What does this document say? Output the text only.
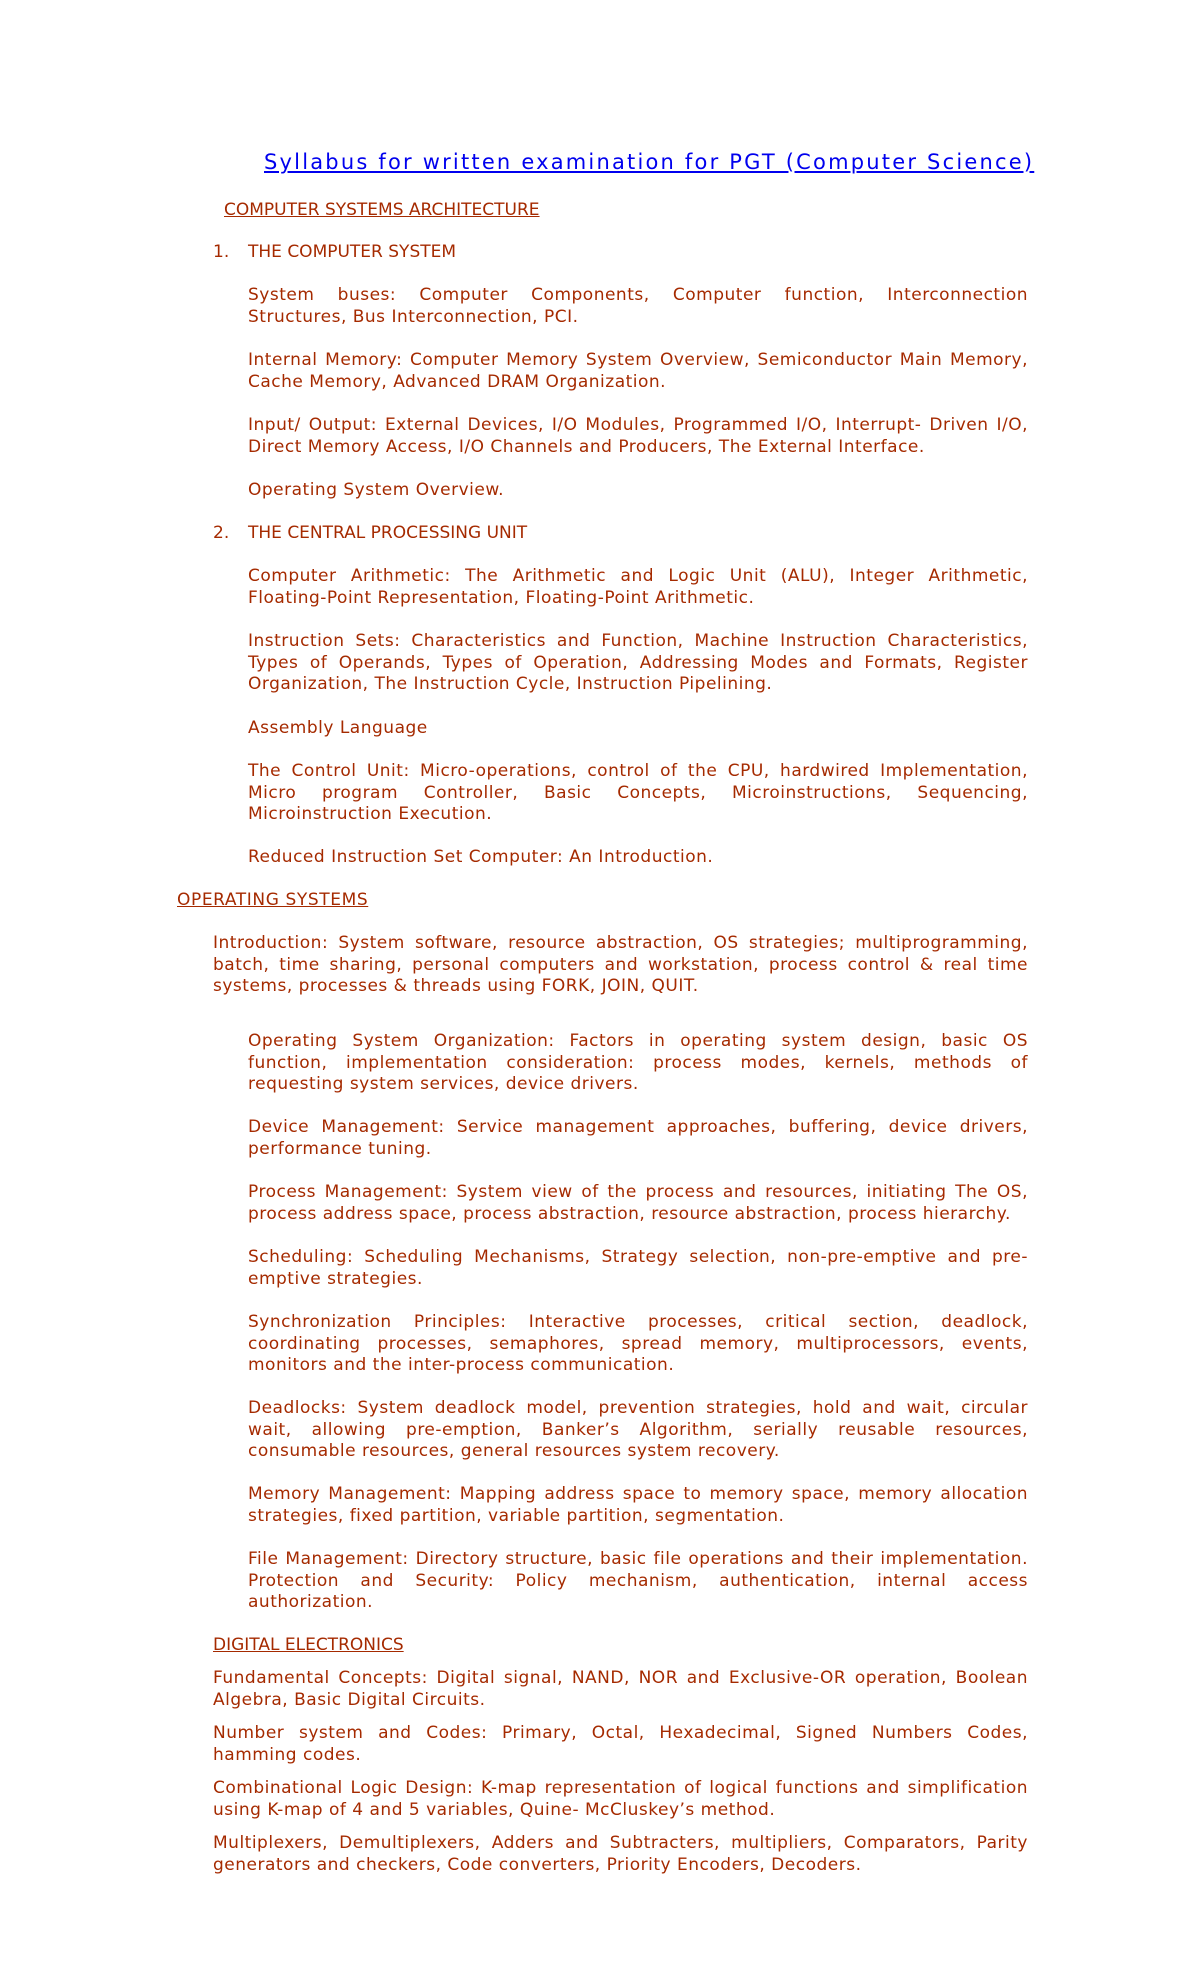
Syllabus for written examination for PGT (Computer Science)
COMPUTER SYSTEMS ARCHITECTURE
1. THE COMPUTER SYSTEM

System buses: Computer Components, Computer function, Interconnection Structures, Bus Interconnection, PCI.

Internal Memory: Computer Memory System Overview, Semiconductor Main Memory, Cache Memory, Advanced DRAM Organization.

Input/ Output: External Devices, I/O Modules, Programmed I/O, Interrupt- Driven I/O, Direct Memory Access, I/O Channels and Producers, The External Interface.

Operating System Overview.

2. THE CENTRAL PROCESSING UNIT

Computer Arithmetic: The Arithmetic and Logic Unit (ALU), Integer Arithmetic, Floating-Point Representation, Floating-Point Arithmetic.

Instruction Sets: Characteristics and Function, Machine Instruction Characteristics, Types of Operands, Types of Operation, Addressing Modes and Formats, Register Organization, The Instruction Cycle, Instruction Pipelining.

Assembly Language

The Control Unit: Micro-operations, control of the CPU, hardwired Implementation, Micro program Controller, Basic Concepts, Microinstructions, Sequencing, Microinstruction Execution.

Reduced Instruction Set Computer: An Introduction.

OPERATING SYSTEMS

Introduction: System software, resource abstraction, OS strategies; multiprogramming, batch, time sharing, personal computers and workstation, process control & real time systems, processes & threads using FORK, JOIN, QUIT.

Operating System Organization: Factors in operating system design, basic OS function, implementation consideration: process modes, kernels, methods of requesting system services, device drivers.

Device Management: Service management approaches, buffering, device drivers, performance tuning.

Process Management: System view of the process and resources, initiating The OS, process address space, process abstraction, resource abstraction, process hierarchy.

Scheduling: Scheduling Mechanisms, Strategy selection, non-pre-emptive and pre-emptive strategies.

Synchronization Principles: Interactive processes, critical section, deadlock, coordinating processes, semaphores, spread memory, multiprocessors, events, monitors and the inter-process communication.

Deadlocks: System deadlock model, prevention strategies, hold and wait, circular wait, allowing pre-emption, Banker’s Algorithm, serially reusable resources, consumable resources, general resources system recovery.

Memory Management: Mapping address space to memory space, memory allocation strategies, fixed partition, variable partition, segmentation.

File Management: Directory structure, basic file operations and their implementation. Protection and Security: Policy mechanism, authentication, internal access authorization.

DIGITAL ELECTRONICS

Fundamental Concepts: Digital signal, NAND, NOR and Exclusive-OR operation, Boolean Algebra, Basic Digital Circuits.

Number system and Codes: Primary, Octal, Hexadecimal, Signed Numbers Codes, hamming codes.

Combinational Logic Design: K-map representation of logical functions and simplification using K-map of 4 and 5 variables, Quine- McCluskey’s method.

Multiplexers, Demultiplexers, Adders and Subtracters, multipliers, Comparators, Parity generators and checkers, Code converters, Priority Encoders, Decoders.
